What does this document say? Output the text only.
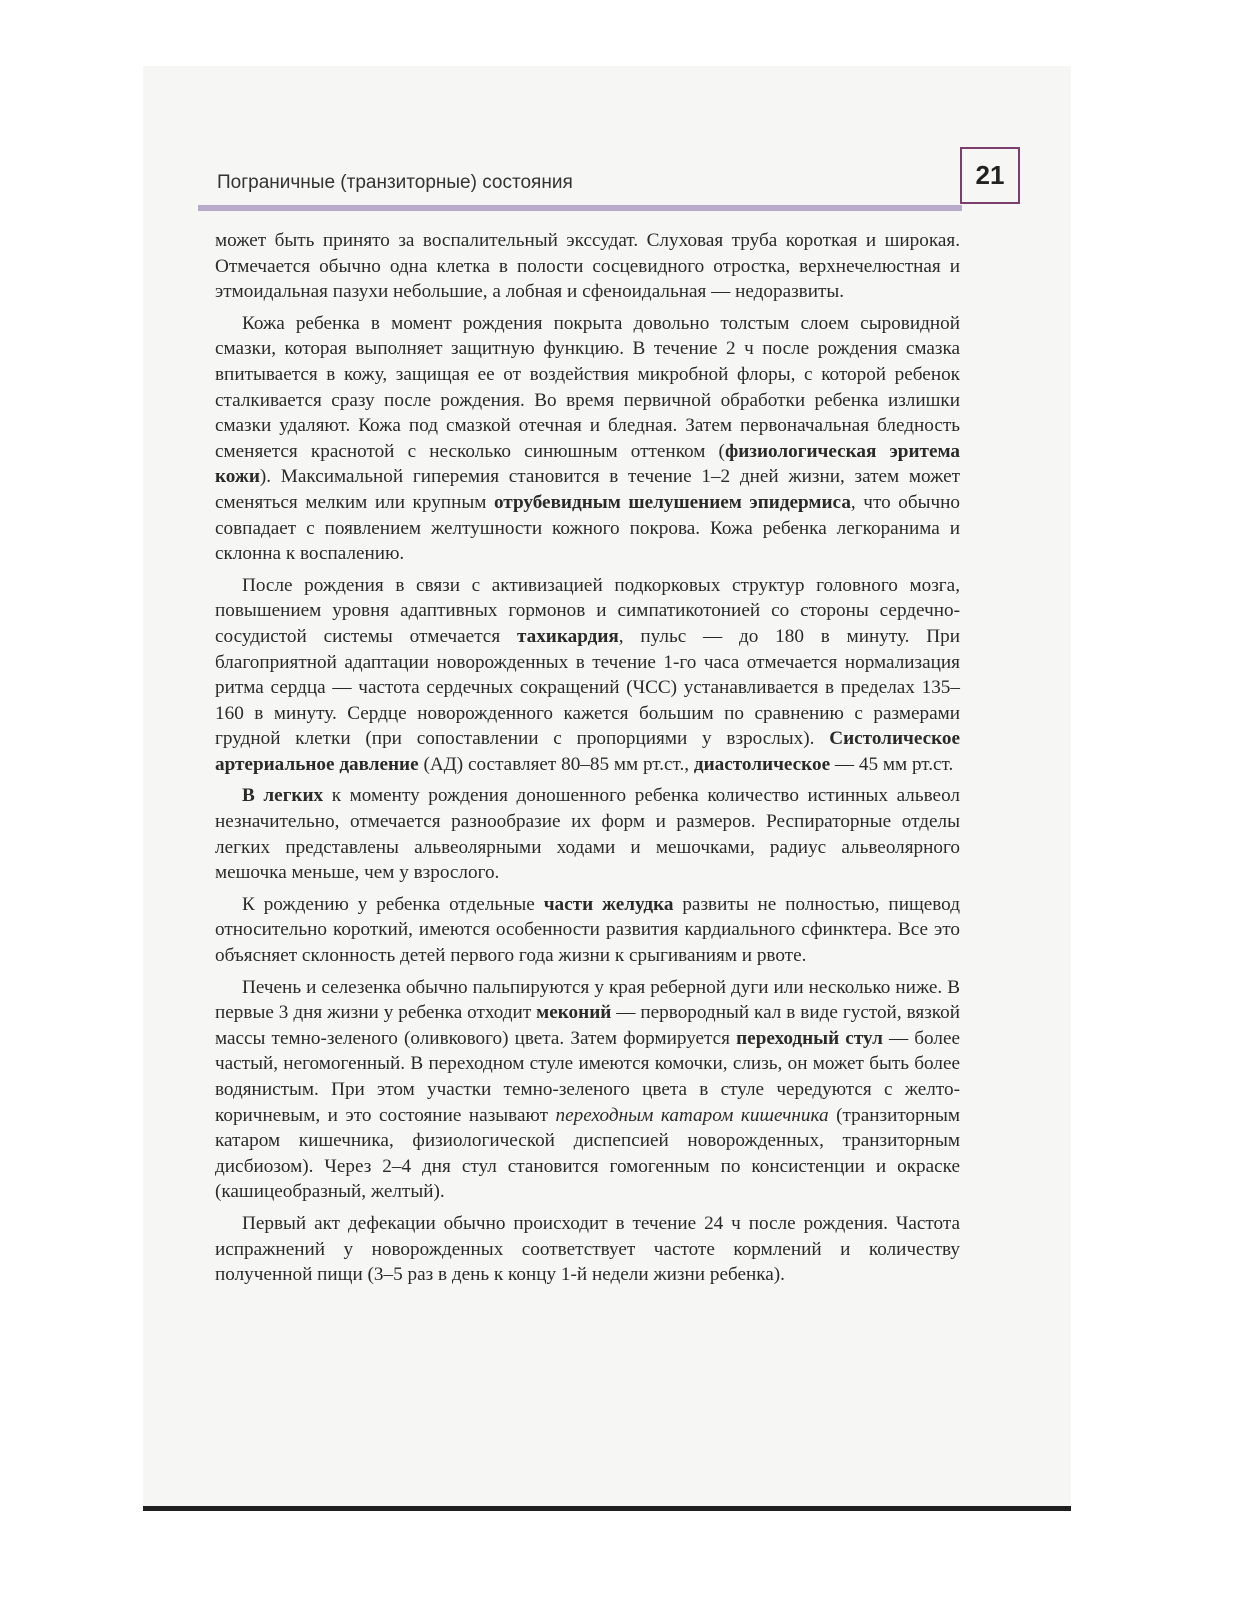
Пограничные (транзиторные) состояния	21

может быть принято за воспалительный экссудат. Слуховая труба короткая и широкая. Отмечается обычно одна клетка в полости сосцевидного отростка, верхнечелюстная и этмоидальная пазухи небольшие, а лобная и сфеноидальная — недоразвиты.

Кожа ребенка в момент рождения покрыта довольно толстым слоем сыровидной смазки, которая выполняет защитную функцию. В течение 2 ч после рождения смазка впитывается в кожу, защищая ее от воздействия микробной флоры, с которой ребенок сталкивается сразу после рождения. Во время первичной обработки ребенка излишки смазки удаляют. Кожа под смазкой отечная и бледная. Затем первоначальная бледность сменяется краснотой с несколько синюшным оттенком (физиологическая эритема кожи). Максимальной гиперемия становится в течение 1–2 дней жизни, затем может сменяться мелким или крупным отрубевидным шелушением эпидермиса, что обычно совпадает с появлением желтушности кожного покрова. Кожа ребенка легкоранима и склонна к воспалению.

После рождения в связи с активизацией подкорковых структур головного мозга, повышением уровня адаптивных гормонов и симпатикотонией со стороны сердечно-сосудистой системы отмечается тахикардия, пульс — до 180 в минуту. При благоприятной адаптации новорожденных в течение 1-го часа отмечается нормализация ритма сердца — частота сердечных сокращений (ЧСС) устанавливается в пределах 135–160 в минуту. Сердце новорожденного кажется большим по сравнению с размерами грудной клетки (при сопоставлении с пропорциями у взрослых). Систолическое артериальное давление (АД) составляет 80–85 мм рт.ст., диастолическое — 45 мм рт.ст.

В легких к моменту рождения доношенного ребенка количество истинных альвеол незначительно, отмечается разнообразие их форм и размеров. Респираторные отделы легких представлены альвеолярными ходами и мешочками, радиус альвеолярного мешочка меньше, чем у взрослого.

К рождению у ребенка отдельные части желудка развиты не полностью, пищевод относительно короткий, имеются особенности развития кардиального сфинктера. Все это объясняет склонность детей первого года жизни к срыгиваниям и рвоте.

Печень и селезенка обычно пальпируются у края реберной дуги или несколько ниже. В первые 3 дня жизни у ребенка отходит меконий — первородный кал в виде густой, вязкой массы темно-зеленого (оливкового) цвета. Затем формируется переходный стул — более частый, негомогенный. В переходном стуле имеются комочки, слизь, он может быть более водянистым. При этом участки темно-зеленого цвета в стуле чередуются с желто-коричневым, и это состояние называют переходным катаром кишечника (транзиторным катаром кишечника, физиологической диспепсией новорожденных, транзиторным дисбиозом). Через 2–4 дня стул становится гомогенным по консистенции и окраске (кашицеобразный, желтый).

Первый акт дефекации обычно происходит в течение 24 ч после рождения. Частота испражнений у новорожденных соответствует частоте кормлений и количеству полученной пищи (3–5 раз в день к концу 1-й недели жизни ребенка).
